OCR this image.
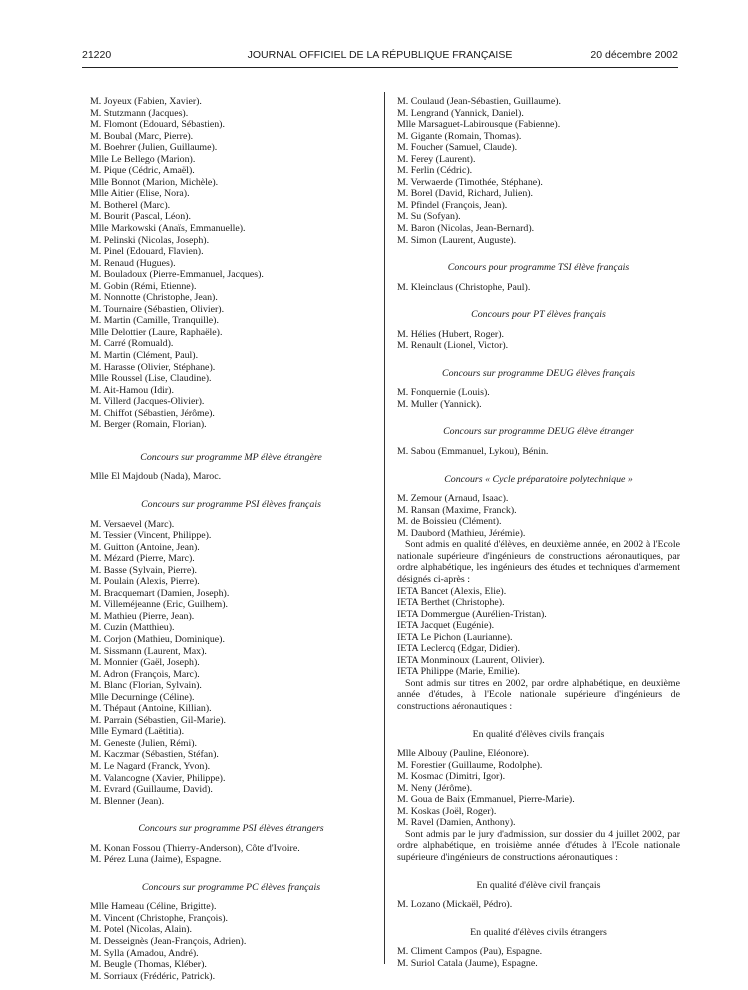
21220	JOURNAL OFFICIEL DE LA RÉPUBLIQUE FRANÇAISE	20 décembre 2002
M. Joyeux (Fabien, Xavier).
M. Stutzmann (Jacques).
M. Flomont (Edouard, Sébastien).
M. Boubal (Marc, Pierre).
M. Boehrer (Julien, Guillaume).
Mlle Le Bellego (Marion).
M. Pique (Cédric, Amaël).
Mlle Bonnot (Marion, Michèle).
Mlle Aitier (Elise, Nora).
M. Botherel (Marc).
M. Bourit (Pascal, Léon).
Mlle Markowski (Anaïs, Emmanuelle).
M. Pelinski (Nicolas, Joseph).
M. Pinel (Edouard, Flavien).
M. Renaud (Hugues).
M. Bouladoux (Pierre-Emmanuel, Jacques).
M. Gobin (Rémi, Etienne).
M. Nonnotte (Christophe, Jean).
M. Tournaire (Sébastien, Olivier).
M. Martin (Camille, Tranquille).
Mlle Delottier (Laure, Raphaële).
M. Carré (Romuald).
M. Martin (Clément, Paul).
M. Harasse (Olivier, Stéphane).
Mlle Roussel (Lise, Claudine).
M. Ait-Hamou (Idir).
M. Villerd (Jacques-Olivier).
M. Chiffot (Sébastien, Jérôme).
M. Berger (Romain, Florian).
Concours sur programme MP élève étrangère
Mlle El Majdoub (Nada), Maroc.
Concours sur programme PSI élèves français
M. Versaevel (Marc).
M. Tessier (Vincent, Philippe).
M. Guitton (Antoine, Jean).
M. Mézard (Pierre, Marc).
M. Basse (Sylvain, Pierre).
M. Poulain (Alexis, Pierre).
M. Bracquemart (Damien, Joseph).
M. Villeméjeanne (Eric, Guilhem).
M. Mathieu (Pierre, Jean).
M. Cuzin (Matthieu).
M. Corjon (Mathieu, Dominique).
M. Sissmann (Laurent, Max).
M. Monnier (Gaël, Joseph).
M. Adron (François, Marc).
M. Blanc (Florian, Sylvain).
Mlle Decurninge (Céline).
M. Thépaut (Antoine, Killian).
M. Parrain (Sébastien, Gil-Marie).
Mlle Eymard (Laëtitia).
M. Geneste (Julien, Rémi).
M. Kaczmar (Sébastien, Stéfan).
M. Le Nagard (Franck, Yvon).
M. Valancogne (Xavier, Philippe).
M. Evrard (Guillaume, David).
M. Blenner (Jean).
Concours sur programme PSI élèves étrangers
M. Konan Fossou (Thierry-Anderson), Côte d'Ivoire.
M. Pérez Luna (Jaime), Espagne.
Concours sur programme PC élèves français
Mlle Hameau (Céline, Brigitte).
M. Vincent (Christophe, François).
M. Potel (Nicolas, Alain).
M. Desseignès (Jean-François, Adrien).
M. Sylla (Amadou, André).
M. Beugle (Thomas, Kléber).
M. Sorriaux (Frédéric, Patrick).
M. Coulaud (Jean-Sébastien, Guillaume).
M. Lengrand (Yannick, Daniel).
Mlle Marsaguet-Labirousque (Fabienne).
M. Gigante (Romain, Thomas).
M. Foucher (Samuel, Claude).
M. Ferey (Laurent).
M. Ferlin (Cédric).
M. Verwaerde (Timothée, Stéphane).
M. Borel (David, Richard, Julien).
M. Pfindel (François, Jean).
M. Su (Sofyan).
M. Baron (Nicolas, Jean-Bernard).
M. Simon (Laurent, Auguste).
Concours pour programme TSI élève français
M. Kleinclaus (Christophe, Paul).
Concours pour PT élèves français
M. Hélies (Hubert, Roger).
M. Renault (Lionel, Victor).
Concours sur programme DEUG élèves français
M. Fonquernie (Louis).
M. Muller (Yannick).
Concours sur programme DEUG élève étranger
M. Sabou (Emmanuel, Lykou), Bénin.
Concours « Cycle préparatoire polytechnique »
M. Zemour (Arnaud, Isaac).
M. Ransan (Maxime, Franck).
M. de Boissieu (Clément).
M. Daubord (Mathieu, Jérémie).
Sont admis en qualité d'élèves, en deuxième année, en 2002 à l'Ecole nationale supérieure d'ingénieurs de constructions aéronautiques, par ordre alphabétique, les ingénieurs des études et techniques d'armement désignés ci-après :
IETA Bancet (Alexis, Elie).
IETA Berthet (Christophe).
IETA Dommergue (Aurélien-Tristan).
IETA Jacquet (Eugénie).
IETA Le Pichon (Laurianne).
IETA Leclercq (Edgar, Didier).
IETA Monminoux (Laurent, Olivier).
IETA Philippe (Marie, Emilie).
Sont admis sur titres en 2002, par ordre alphabétique, en deuxième année d'études, à l'Ecole nationale supérieure d'ingénieurs de constructions aéronautiques :
En qualité d'élèves civils français
Mlle Albouy (Pauline, Eléonore).
M. Forestier (Guillaume, Rodolphe).
M. Kosmac (Dimitri, Igor).
M. Neny (Jérôme).
M. Goua de Baix (Emmanuel, Pierre-Marie).
M. Koskas (Joël, Roger).
M. Ravel (Damien, Anthony).
Sont admis par le jury d'admission, sur dossier du 4 juillet 2002, par ordre alphabétique, en troisième année d'études à l'Ecole nationale supérieure d'ingénieurs de constructions aéronautiques :
En qualité d'élève civil français
M. Lozano (Mickaël, Pédro).
En qualité d'élèves civils étrangers
M. Climent Campos (Pau), Espagne.
M. Suriol Catala (Jaume), Espagne.
